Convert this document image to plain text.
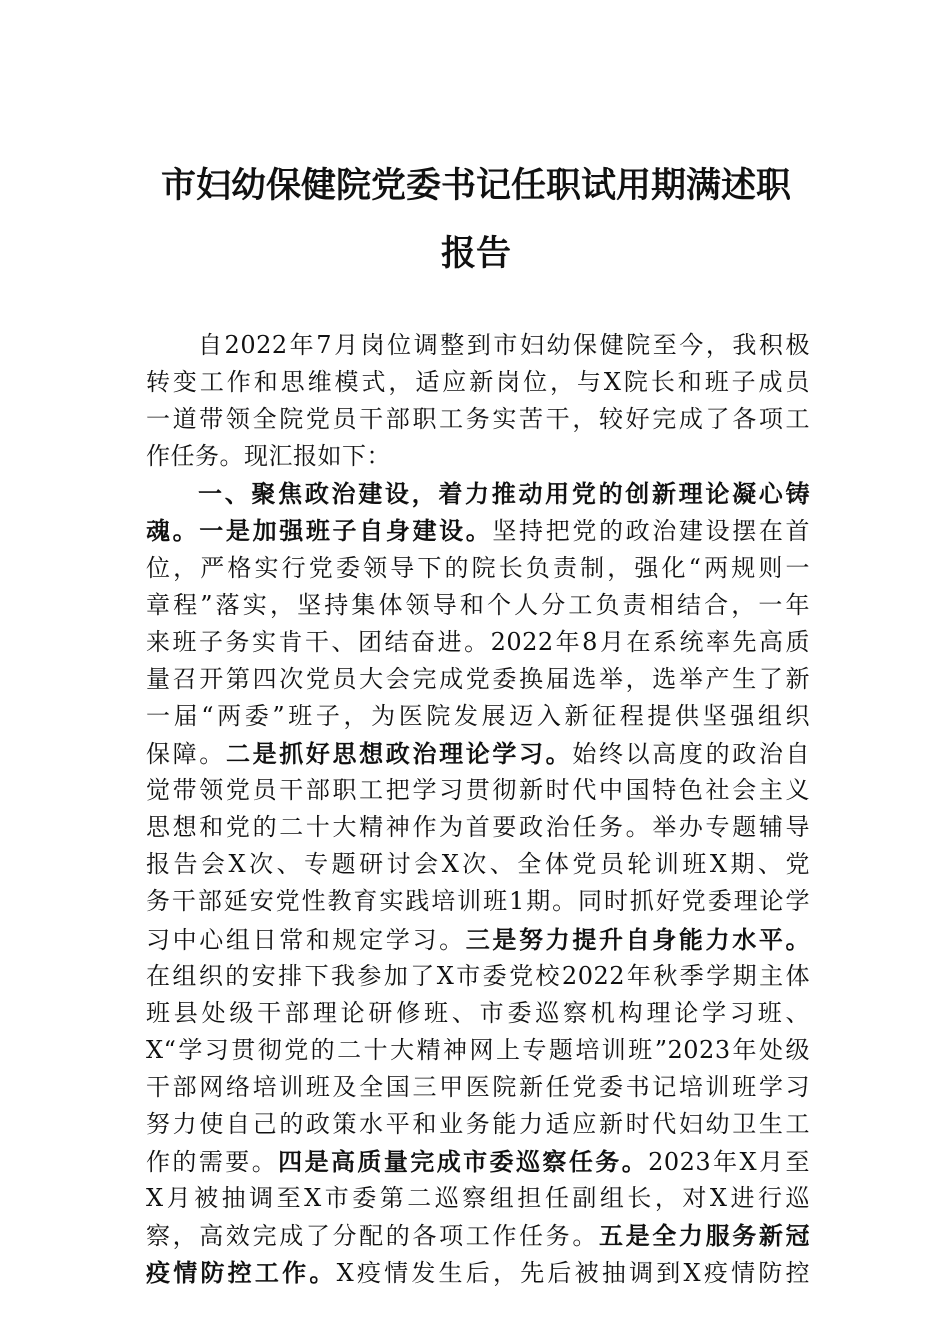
市妇幼保健院党委书记任职试用期满述职
报告
自2022年7月岗位调整到市妇幼保健院至今，我积极
转变工作和思维模式，适应新岗位，与X院长和班子成员
一道带领全院党员干部职工务实苦干，较好完成了各项工
作任务。现汇报如下：
一、聚焦政治建设，着力推动用党的创新理论凝心铸
魂。一是加强班子自身建设。坚持把党的政治建设摆在首
位，严格实行党委领导下的院长负责制，强化“两规则一
章程”落实，坚持集体领导和个人分工负责相结合，一年
来班子务实肯干、团结奋进。2022年8月在系统率先高质
量召开第四次党员大会完成党委换届选举，选举产生了新
一届“两委”班子，为医院发展迈入新征程提供坚强组织
保障。二是抓好思想政治理论学习。始终以高度的政治自
觉带领党员干部职工把学习贯彻新时代中国特色社会主义
思想和党的二十大精神作为首要政治任务。举办专题辅导
报告会X次、专题研讨会X次、全体党员轮训班X期、党
务干部延安党性教育实践培训班1期。同时抓好党委理论学
习中心组日常和规定学习。三是努力提升自身能力水平。
在组织的安排下我参加了X市委党校2022年秋季学期主体
班县处级干部理论研修班、市委巡察机构理论学习班、
X“学习贯彻党的二十大精神网上专题培训班”2023年处级
干部网络培训班及全国三甲医院新任党委书记培训班学习
努力使自己的政策水平和业务能力适应新时代妇幼卫生工
作的需要。四是高质量完成市委巡察任务。2023年X月至
X月被抽调至X市委第二巡察组担任副组长，对X进行巡
察，高效完成了分配的各项工作任务。五是全力服务新冠
疫情防控工作。X疫情发生后，先后被抽调到X疫情防控
